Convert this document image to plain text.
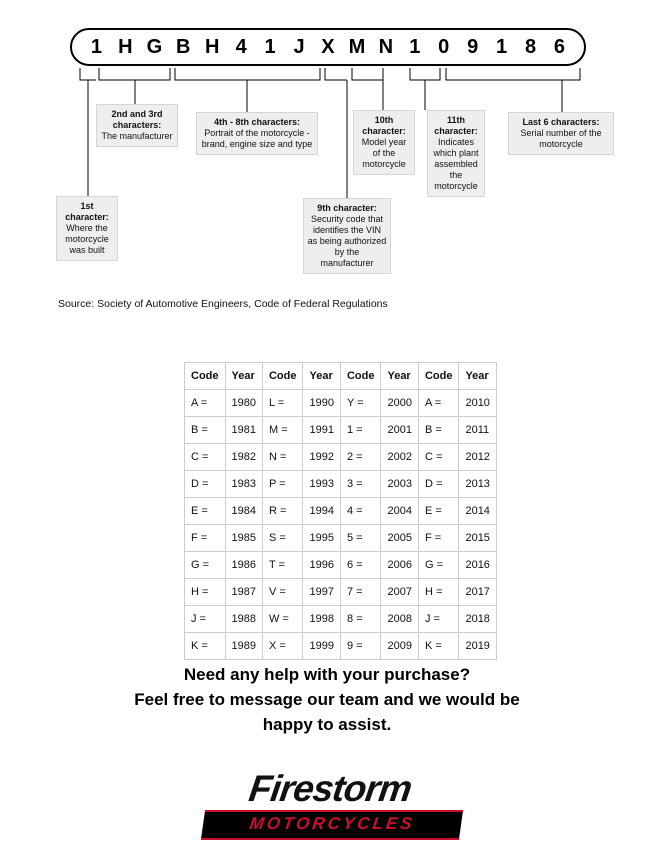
1 H G B H 4 1 J X M N 1 0 9 1 8 6
1st character:
Where the motorcycle was built
2nd and 3rd characters:
The manufacturer
4th - 8th characters:
Portrait of the motorcycle - brand, engine size and type
9th character:
Security code that identifies the VIN as being authorized by the manufacturer
10th character:
Model year of the motorcycle
11th character:
Indicates which plant assembled the motorcycle
Last 6 characters:
Serial number of the motorcycle
Source: Society of Automotive Engineers, Code of Federal Regulations
Code	Year	Code	Year	Code	Year	Code	Year
A =	1980	L =	1990	Y =	2000	A =	2010
B =	1981	M =	1991	1 =	2001	B =	2011
C =	1982	N =	1992	2 =	2002	C =	2012
D =	1983	P =	1993	3 =	2003	D =	2013
E =	1984	R =	1994	4 =	2004	E =	2014
F =	1985	S =	1995	5 =	2005	F =	2015
G =	1986	T =	1996	6 =	2006	G =	2016
H =	1987	V =	1997	7 =	2007	H =	2017
J =	1988	W =	1998	8 =	2008	J =	2018
K =	1989	X =	1999	9 =	2009	K =	2019
Need any help with your purchase?
Feel free to message our team and we would be
happy to assist.
Firestorm
MOTORCYCLES
